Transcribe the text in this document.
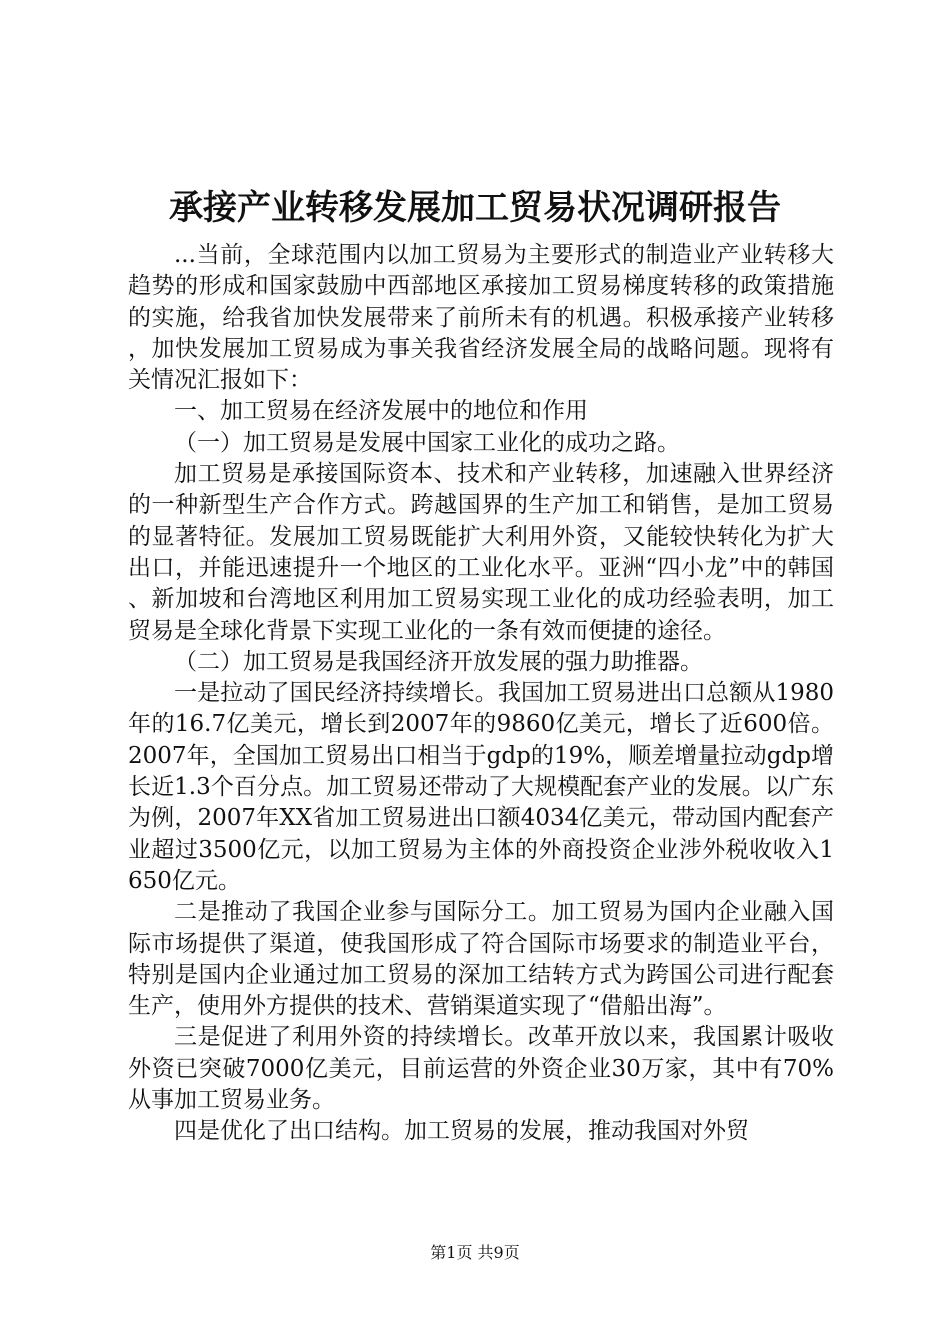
承接产业转移发展加工贸易状况调研报告

...当前，全球范围内以加工贸易为主要形式的制造业产业转移大趋势的形成和国家鼓励中西部地区承接加工贸易梯度转移的政策措施的实施，给我省加快发展带来了前所未有的机遇。积极承接产业转移，加快发展加工贸易成为事关我省经济发展全局的战略问题。现将有关情况汇报如下：

一、加工贸易在经济发展中的地位和作用

（一）加工贸易是发展中国家工业化的成功之路。

加工贸易是承接国际资本、技术和产业转移，加速融入世界经济的一种新型生产合作方式。跨越国界的生产加工和销售，是加工贸易的显著特征。发展加工贸易既能扩大利用外资，又能较快转化为扩大出口，并能迅速提升一个地区的工业化水平。亚洲“四小龙”中的韩国、新加坡和台湾地区利用加工贸易实现工业化的成功经验表明，加工贸易是全球化背景下实现工业化的一条有效而便捷的途径。

（二）加工贸易是我国经济开放发展的强力助推器。

一是拉动了国民经济持续增长。我国加工贸易进出口总额从1980年的16.7亿美元，增长到2007年的9860亿美元，增长了近600倍。2007年，全国加工贸易出口相当于gdp的19%，顺差增量拉动gdp增长近1.3个百分点。加工贸易还带动了大规模配套产业的发展。以广东为例，2007年XX省加工贸易进出口额4034亿美元，带动国内配套产业超过3500亿元，以加工贸易为主体的外商投资企业涉外税收收入1650亿元。

二是推动了我国企业参与国际分工。加工贸易为国内企业融入国际市场提供了渠道，使我国形成了符合国际市场要求的制造业平台，特别是国内企业通过加工贸易的深加工结转方式为跨国公司进行配套生产，使用外方提供的技术、营销渠道实现了“借船出海”。

三是促进了利用外资的持续增长。改革开放以来，我国累计吸收外资已突破7000亿美元，目前运营的外资企业30万家，其中有70%从事加工贸易业务。

四是优化了出口结构。加工贸易的发展，推动我国对外贸

第1页 共9页
